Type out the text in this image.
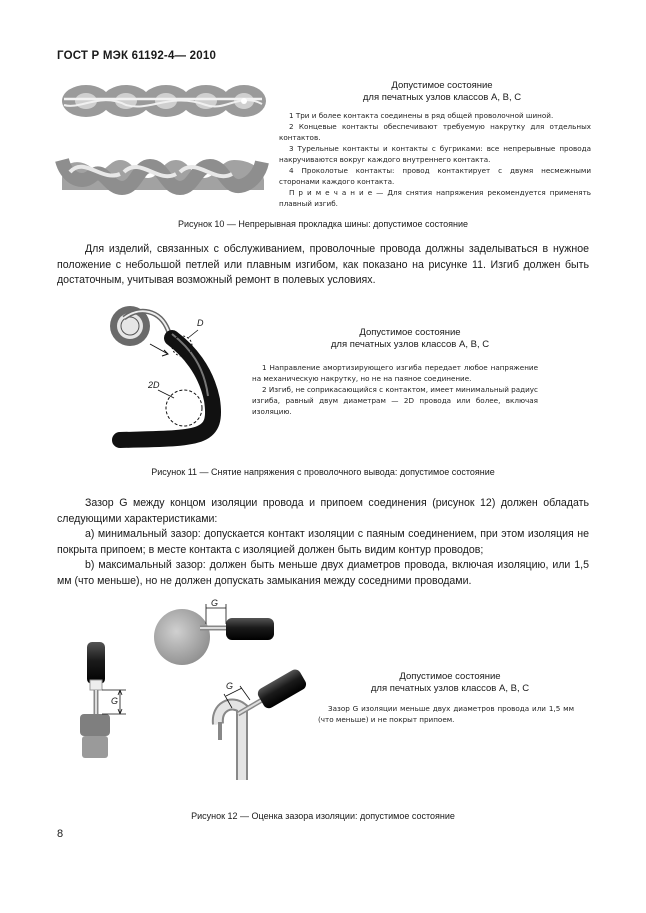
ГОСТ Р МЭК 61192-4— 2010
Допустимое состояние
для печатных узлов классов А, В, С

1 Три и более контакта соединены в ряд общей проволочной шиной.

2 Концевые контакты обеспечивают требуемую накрутку для отдельных контактов.

3 Турельные контакты и контакты с бугриками: все непрерывные провода накручиваются вокруг каждого внутреннего контакта.

4 Проколотые контакты: провод контактирует с двумя несмежными сторонами каждого контакта.

П р и м е ч а н и е — Для снятия напряжения рекомендуется применять плавный изгиб.

Рисунок 10 — Непрерывная прокладка шины: допустимое состояние

Для изделий, связанных с обслуживанием, проволочные провода должны заделываться в нужное положение с небольшой петлей или плавным изгибом, как показано на рисунке 11. Изгиб должен быть достаточным, учитывая возможный ремонт в полевых условиях.

D
2D
Допустимое состояние
для печатных узлов классов А, В, С

1 Направление амортизирующего изгиба передает любое напряжение на механическую накрутку, но не на паяное соединение.

2 Изгиб, не соприкасающийся с контактом, имеет минимальный радиус изгиба, равный двум диаметрам — 2D провода или более, включая изоляцию.

Рисунок 11 — Снятие напряжения с проволочного вывода: допустимое состояние

Зазор G между концом изоляции провода и припоем соединения (рисунок 12) должен обладать следующими характеристиками:

а) минимальный зазор: допускается контакт изоляции с паяным соединением, при этом изоляция не покрыта припоем; в месте контакта с изоляцией должен быть видим контур проводов;

b) максимальный зазор: должен быть меньше двух диаметров провода, включая изоляцию, или 1,5 мм (что меньше), но не должен допускать замыкания между соседними проводами.

G
G
G
Допустимое состояние
для печатных узлов классов А, В, С

Зазор G изоляции меньше двух диаметров провода или 1,5 мм (что меньше) и не покрыт припоем.

Рисунок 12 — Оценка зазора изоляции: допустимое состояние
8
